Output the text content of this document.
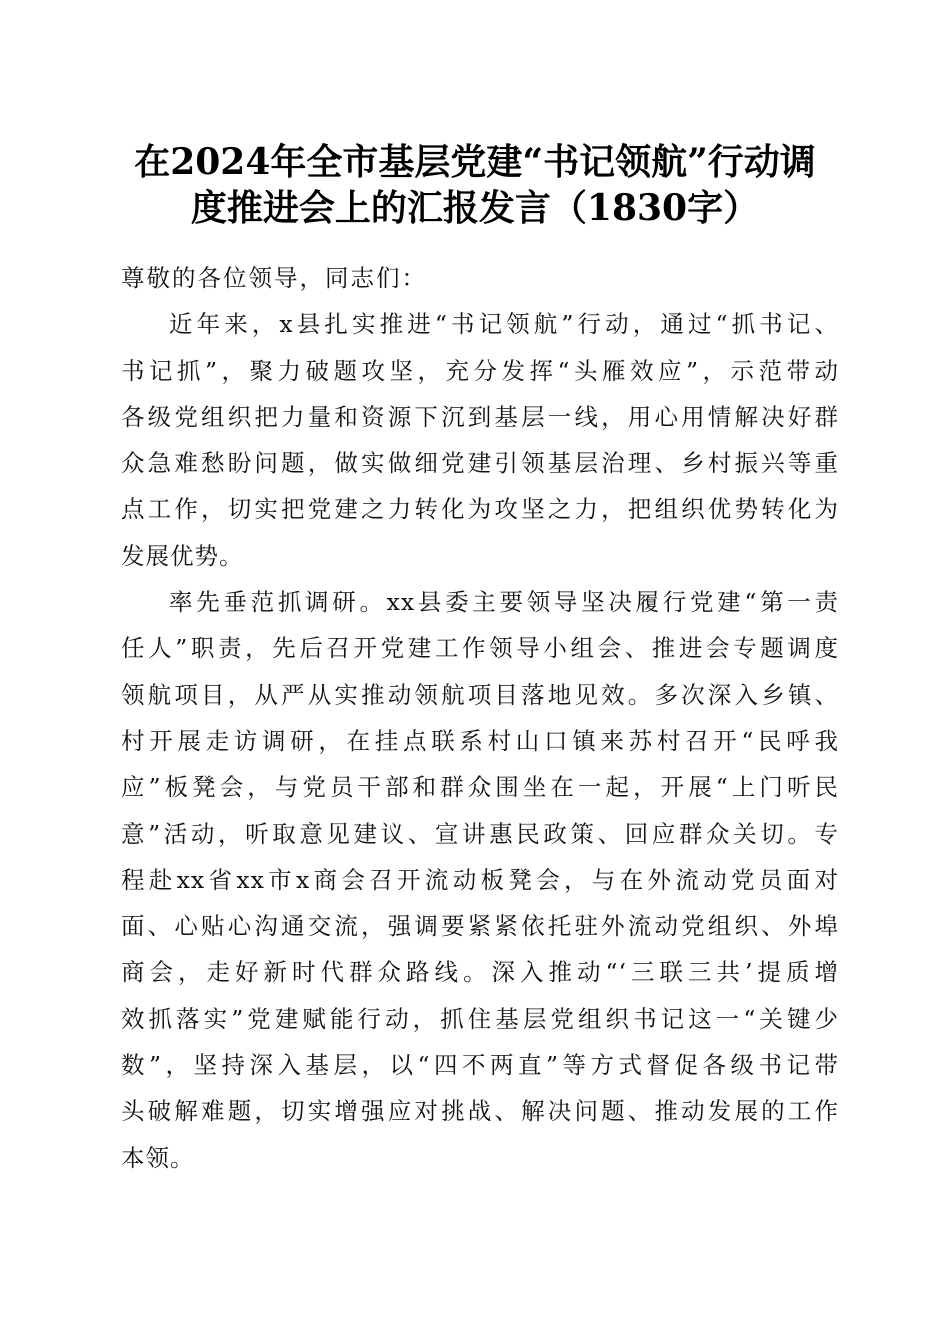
在2024年全市基层党建“书记领航”行动调
度推进会上的汇报发言（1830字）

尊敬的各位领导，同志们：

近年来，x县扎实推进“书记领航”行动，通过“抓书记、
书记抓”，聚力破题攻坚，充分发挥“头雁效应”，示范带动
各级党组织把力量和资源下沉到基层一线，用心用情解决好群
众急难愁盼问题，做实做细党建引领基层治理、乡村振兴等重
点工作，切实把党建之力转化为攻坚之力，把组织优势转化为
发展优势。

率先垂范抓调研。xx县委主要领导坚决履行党建“第一责
任人”职责，先后召开党建工作领导小组会、推进会专题调度
领航项目，从严从实推动领航项目落地见效。多次深入乡镇、
村开展走访调研，在挂点联系村山口镇来苏村召开“民呼我
应”板凳会，与党员干部和群众围坐在一起，开展“上门听民
意”活动，听取意见建议、宣讲惠民政策、回应群众关切。专
程赴xx省xx市x商会召开流动板凳会，与在外流动党员面对
面、心贴心沟通交流，强调要紧紧依托驻外流动党组织、外埠
商会，走好新时代群众路线。深入推动“‘三联三共’提质增
效抓落实”党建赋能行动，抓住基层党组织书记这一“关键少
数”，坚持深入基层，以“四不两直”等方式督促各级书记带
头破解难题，切实增强应对挑战、解决问题、推动发展的工作
本领。
